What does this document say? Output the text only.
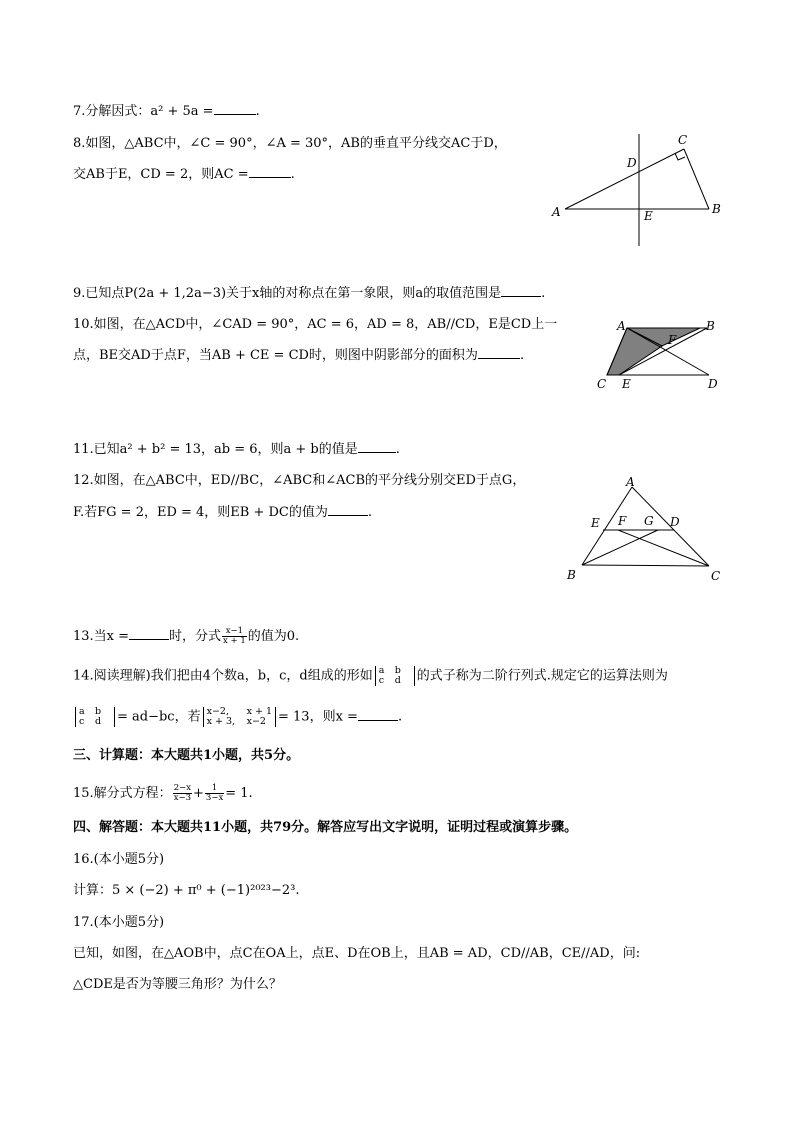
7.分解因式：a² + 5a =	.
8.如图，△ABC中，∠C = 90°，∠A = 30°，AB的垂直平分线交AC于D，
交AB于E，CD = 2，则AC =	.
9.已知点P(2a + 1,2a−3)关于x轴的对称点在第一象限，则a的取值范围是	.
10.如图，在△ACD中，∠CAD = 90°，AC = 6，AD = 8，AB//CD，E是CD上一
点，BE交AD于点F，当AB + CE = CD时，则图中阴影部分的面积为	.
11.已知a² + b² = 13，ab = 6，则a + b的值是	.
12.如图，在△ABC中，ED//BC，∠ABC和∠ACB的平分线分别交ED于点G，
F.若FG = 2，ED = 4，则EB + DC的值为	.
13.当x =	时，分式 $\frac{x-1}{x + 1}$ 的值为0.
14.阅读理解)我们把由4个数a，b，c，d组成的形如 a b
c d 的式子称为二阶行列式.规定它的运算法则为
a b
c d = ad−bc，若 x−2, x + 1
x + 3, x−2 = 13，则x =	.
三、计算题：本大题共1小题，共5分。
15.解分式方程： $\frac{2-x}{x-3} + \frac{1}{3-x} = 1$.
四、解答题：本大题共11小题，共79分。解答应写出文字说明，证明过程或演算步骤。
16.(本小题5分)
计算：5 × (−2) + π⁰ + (−1)²⁰²³−2³.
17.(本小题5分)
已知，如图，在△AOB中，点C在OA上，点E、D在OB上，且AB = AD，CD//AB，CE//AD，问:
△CDE是否为等腰三角形？为什么？
A	B
C
D
E
A	B
C	D
E
F
A
B	C
D
E F G
